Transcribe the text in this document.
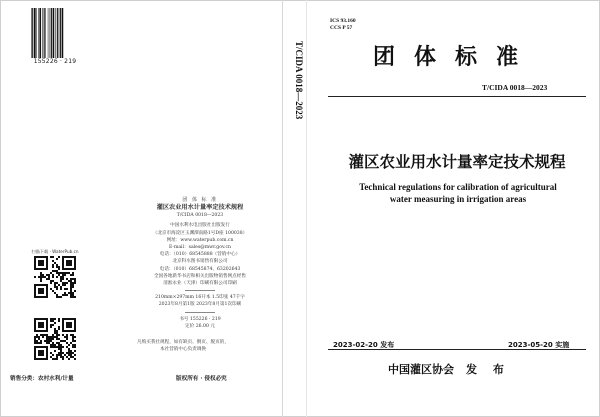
155226 · 219	T/CIDA 0018—2023
团 体 标 准
灌区农业用水计量率定技术规程
T/CIDA 0018—2023
中国水利水电出版社出版发行
（北京市海淀区玉渊潭南路1号D座 100038）
网址：www.waterpub.com.cn
E-mail：sales@mwr.gov.cn
电话：（010）68545888（营销中心）
北京科水图书销售有限公司
电话：（010）68545874、63202643
全国各地新华书店和相关出版物销售网点经售
清淞永业（天津）印刷有限公司印刷
210mm×297mm 16开本 1.5印张 47千字
2023年8月第1版 2023年8月第1次印刷
书号 155226 · 219
定价 26.00 元
扫描下载 · WaterPub.cn
凡购买我社规程，如有缺页、倒页、脱页的，
本社营销中心负责调换
销售分类：农村水利/计量	版权所有 · 侵权必究
ICS 93.160
CCS P 57
团体标准
T/CIDA 0018—2023
灌区农业用水计量率定技术规程
Technical regulations for calibration of agricultural
water measuring in irrigation areas
2023-02-20 发布	2023-05-20 实施
中国灌区协会 发 布
